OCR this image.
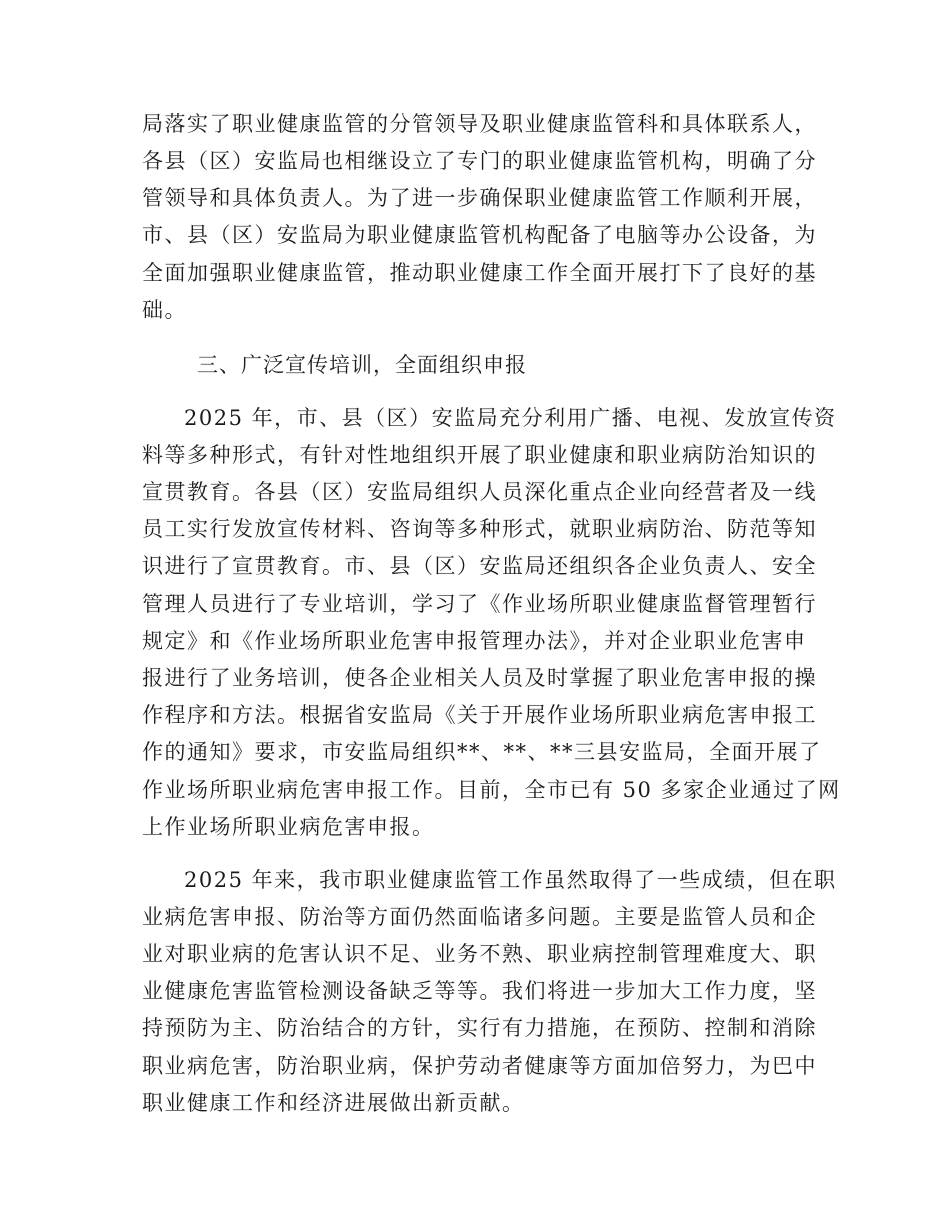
局落实了职业健康监管的分管领导及职业健康监管科和具体联系人，
各县（区）安监局也相继设立了专门的职业健康监管机构，明确了分
管领导和具体负责人。为了进一步确保职业健康监管工作顺利开展，
市、县（区）安监局为职业健康监管机构配备了电脑等办公设备，为
全面加强职业健康监管，推动职业健康工作全面开展打下了良好的基
础。
三、广泛宣传培训，全面组织申报
2025 年，市、县（区）安监局充分利用广播、电视、发放宣传资
料等多种形式，有针对性地组织开展了职业健康和职业病防治知识的
宣贯教育。各县（区）安监局组织人员深化重点企业向经营者及一线
员工实行发放宣传材料、咨询等多种形式，就职业病防治、防范等知
识进行了宣贯教育。市、县（区）安监局还组织各企业负责人、安全
管理人员进行了专业培训，学习了《作业场所职业健康监督管理暂行
规定》和《作业场所职业危害申报管理办法》，并对企业职业危害申
报进行了业务培训，使各企业相关人员及时掌握了职业危害申报的操
作程序和方法。根据省安监局《关于开展作业场所职业病危害申报工
作的通知》要求，市安监局组织**、**、**三县安监局，全面开展了
作业场所职业病危害申报工作。目前，全市已有 50 多家企业通过了网
上作业场所职业病危害申报。
2025 年来，我市职业健康监管工作虽然取得了一些成绩，但在职
业病危害申报、防治等方面仍然面临诸多问题。主要是监管人员和企
业对职业病的危害认识不足、业务不熟、职业病控制管理难度大、职
业健康危害监管检测设备缺乏等等。我们将进一步加大工作力度，坚
持预防为主、防治结合的方针，实行有力措施，在预防、控制和消除
职业病危害，防治职业病，保护劳动者健康等方面加倍努力，为巴中
职业健康工作和经济进展做出新贡献。
